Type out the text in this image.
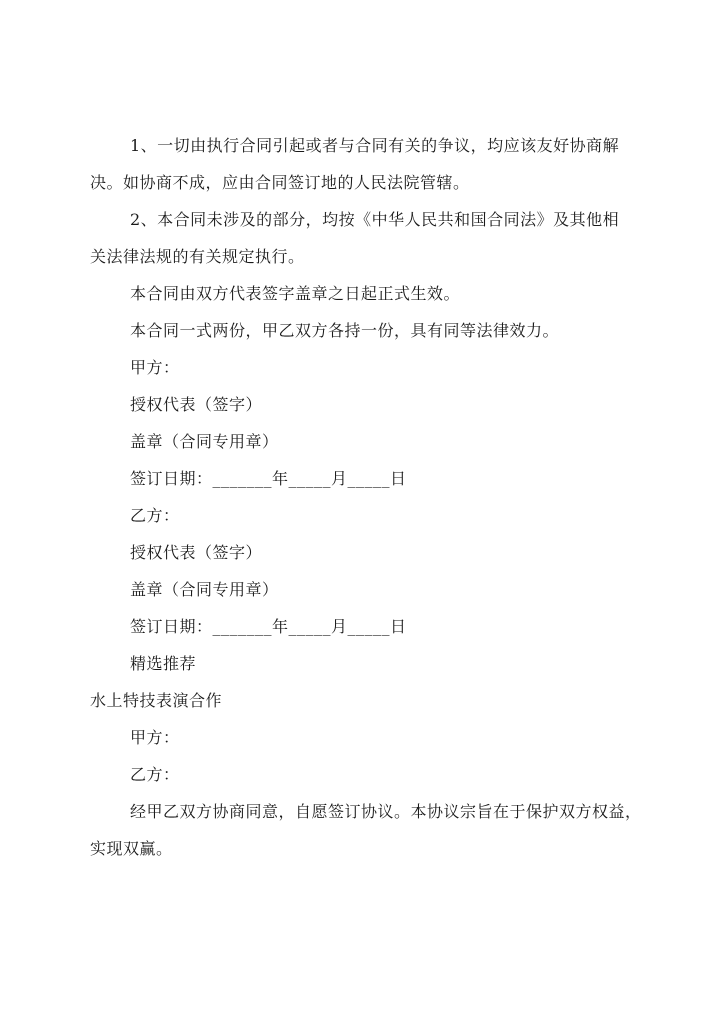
1、一切由执行合同引起或者与合同有关的争议，均应该友好协商解
决。如协商不成，应由合同签订地的人民法院管辖。
2、本合同未涉及的部分，均按《中华人民共和国合同法》及其他相
关法律法规的有关规定执行。
本合同由双方代表签字盖章之日起正式生效。
本合同一式两份，甲乙双方各持一份，具有同等法律效力。
甲方：
授权代表（签字）
盖章（合同专用章）
签订日期：_______年_____月_____日
乙方：
授权代表（签字）
盖章（合同专用章）
签订日期：_______年_____月_____日
精选推荐
水上特技表演合作
甲方：
乙方：
经甲乙双方协商同意，自愿签订协议。本协议宗旨在于保护双方权益，
实现双赢。
